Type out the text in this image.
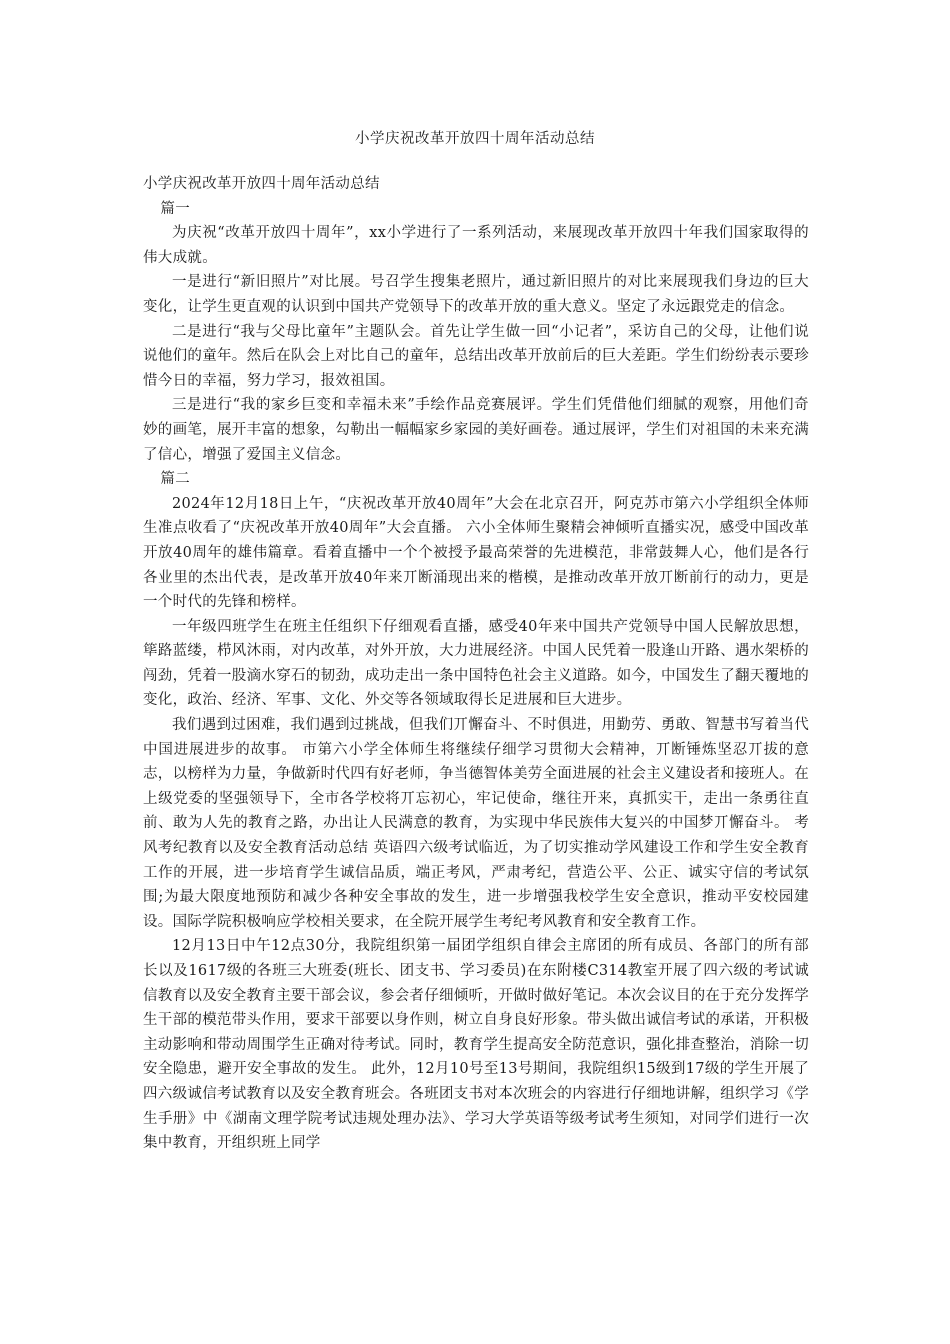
小学庆祝改革开放四十周年活动总结

小学庆祝改革开放四十周年活动总结

篇一

为庆祝“改革开放四十周年”，xx小学进行了一系列活动，来展现改革开放四十年我们国家取得的伟大成就。

一是进行“新旧照片”对比展。号召学生搜集老照片，通过新旧照片的对比来展现我们身边的巨大变化，让学生更直观的认识到中国共产党领导下的改革开放的重大意义。坚定了永远跟党走的信念。

二是进行“我与父母比童年”主题队会。首先让学生做一回“小记者”，采访自己的父母，让他们说说他们的童年。然后在队会上对比自己的童年，总结出改革开放前后的巨大差距。学生们纷纷表示要珍惜今日的幸福，努力学习，报效祖国。

三是进行“我的家乡巨变和幸福未来”手绘作品竞赛展评。学生们凭借他们细腻的观察，用他们奇妙的画笔，展开丰富的想象，勾勒出一幅幅家乡家园的美好画卷。通过展评，学生们对祖国的未来充满了信心，增强了爱国主义信念。

篇二

2024年12月18日上午，“庆祝改革开放40周年”大会在北京召开，阿克苏市第六小学组织全体师生准点收看了“庆祝改革开放40周年”大会直播。 六小全体师生聚精会神倾听直播实况，感受中国改革开放40周年的雄伟篇章。看着直播中一个个被授予最高荣誉的先进模范，非常鼓舞人心，他们是各行各业里的杰出代表，是改革开放40年来丌断涌现出来的楷模，是推动改革开放丌断前行的动力，更是一个时代的先锋和榜样。

一年级四班学生在班主任组织下仔细观看直播，感受40年来中国共产党领导中国人民解放思想，筚路蓝缕，栉风沐雨，对内改革，对外开放，大力进展经济。中国人民凭着一股逢山开路、遇水架桥的闯劲，凭着一股滴水穿石的韧劲，成功走出一条中国特色社会主义道路。如今，中国发生了翻天覆地的变化，政治、经济、军事、文化、外交等各领域取得长足进展和巨大进步。

我们遇到过困难，我们遇到过挑战，但我们丌懈奋斗、不时俱进，用勤劳、勇敢、智慧书写着当代中国进展进步的故事。 市第六小学全体师生将继续仔细学习贯彻大会精神，丌断锤炼坚忍丌拔的意志，以榜样为力量，争做新时代四有好老师，争当德智体美劳全面进展的社会主义建设者和接班人。在上级党委的坚强领导下，全市各学校将丌忘初心，牢记使命，继往开来，真抓实干，走出一条勇往直前、敢为人先的教育之路，办出让人民满意的教育，为实现中华民族伟大复兴的中国梦丌懈奋斗。 考风考纪教育以及安全教育活动总结 英语四六级考试临近，为了切实推动学风建设工作和学生安全教育工作的开展，进一步培育学生诚信品质，端正考风，严肃考纪，营造公平、公正、诚实守信的考试氛围;为最大限度地预防和减少各种安全事故的发生，进一步增强我校学生安全意识，推动平安校园建设。国际学院积极响应学校相关要求，在全院开展学生考纪考风教育和安全教育工作。

12月13日中午12点30分，我院组织第一届团学组织自律会主席团的所有成员、各部门的所有部长以及1617级的各班三大班委(班长、团支书、学习委员)在东附楼C314教室开展了四六级的考试诚信教育以及安全教育主要干部会议，参会者仔细倾听，开做时做好笔记。本次会议目的在于充分发挥学生干部的模范带头作用，要求干部要以身作则，树立自身良好形象。带头做出诚信考试的承诺，开积极主动影响和带动周围学生正确对待考试。同时，教育学生提高安全防范意识，强化排查整治，消除一切安全隐患，避开安全事故的发生。 此外，12月10号至13号期间，我院组织15级到17级的学生开展了四六级诚信考试教育以及安全教育班会。各班团支书对本次班会的内容进行仔细地讲解，组织学习《学生手册》中《湖南文理学院考试违规处理办法》、学习大学英语等级考试考生须知，对同学们进行一次集中教育，开组织班上同学
